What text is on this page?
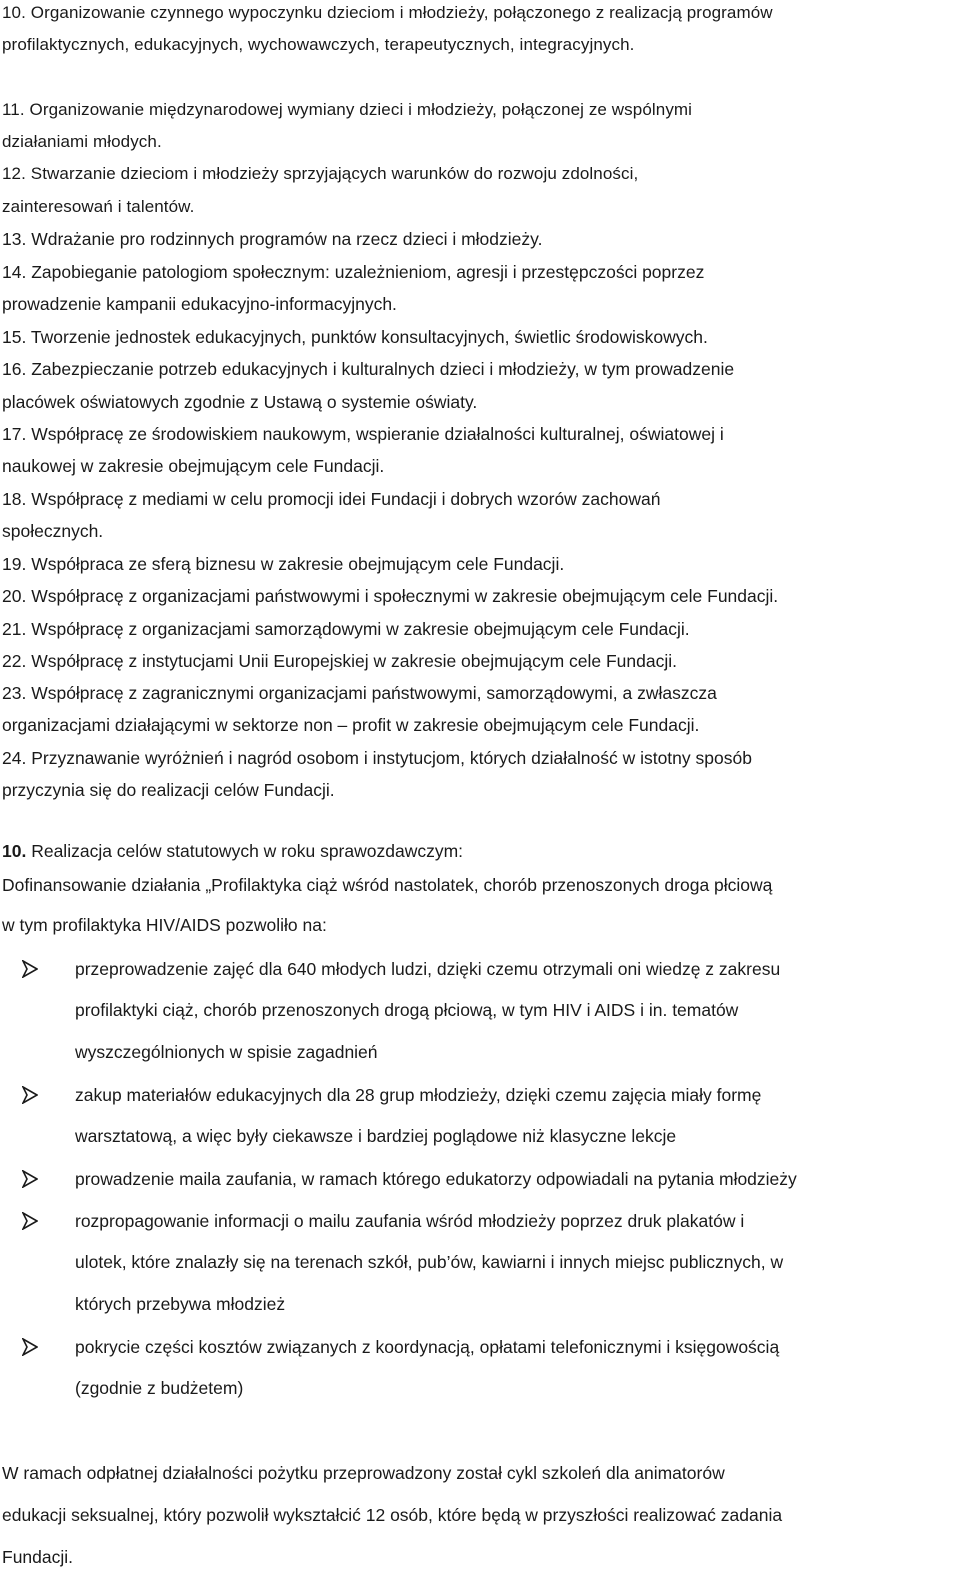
10. Organizowanie czynnego wypoczynku dzieciom i młodzieży, połączonego z realizacją programów
profilaktycznych, edukacyjnych, wychowawczych, terapeutycznych, integracyjnych.
11. Organizowanie międzynarodowej wymiany dzieci i młodzieży, połączonej ze wspólnymi
działaniami młodych.
12. Stwarzanie dzieciom i młodzieży sprzyjających warunków do rozwoju zdolności,
zainteresowań i talentów.
13. Wdrażanie pro rodzinnych programów na rzecz dzieci i młodzieży.
14. Zapobieganie patologiom społecznym: uzależnieniom, agresji i przestępczości poprzez
prowadzenie kampanii edukacyjno-informacyjnych.
15. Tworzenie jednostek edukacyjnych, punktów konsultacyjnych, świetlic środowiskowych.
16. Zabezpieczanie potrzeb edukacyjnych i kulturalnych dzieci i młodzieży, w tym prowadzenie
placówek oświatowych zgodnie z Ustawą o systemie oświaty.
17. Współpracę ze środowiskiem naukowym, wspieranie działalności kulturalnej, oświatowej i
naukowej w zakresie obejmującym cele Fundacji.
18. Współpracę z mediami w celu promocji idei Fundacji i dobrych wzorów zachowań
społecznych.
19. Współpraca ze sferą biznesu w zakresie obejmującym cele Fundacji.
20. Współpracę z organizacjami państwowymi i społecznymi w zakresie obejmującym cele Fundacji.
21. Współpracę z organizacjami samorządowymi w zakresie obejmującym cele Fundacji.
22. Współpracę z instytucjami Unii Europejskiej w zakresie obejmującym cele Fundacji.
23. Współpracę z zagranicznymi organizacjami państwowymi, samorządowymi, a zwłaszcza
organizacjami działającymi w sektorze non – profit w zakresie obejmującym cele Fundacji.
24. Przyznawanie wyróżnień i nagród osobom i instytucjom, których działalność w istotny sposób
przyczynia się do realizacji celów Fundacji.
10. Realizacja celów statutowych w roku sprawozdawczym:
Dofinansowanie działania „Profilaktyka ciąż wśród nastolatek, chorób przenoszonych droga płciową
w tym profilaktyka HIV/AIDS pozwoliło na:
przeprowadzenie zajęć dla 640 młodych ludzi, dzięki czemu otrzymali oni wiedzę z zakresu
profilaktyki ciąż, chorób przenoszonych drogą płciową, w tym HIV i AIDS i in. tematów
wyszczególnionych w spisie zagadnień
zakup materiałów edukacyjnych dla 28 grup młodzieży, dzięki czemu zajęcia miały formę
warsztatową, a więc były ciekawsze i bardziej poglądowe niż klasyczne lekcje
prowadzenie maila zaufania, w ramach którego edukatorzy odpowiadali na pytania młodzieży
rozpropagowanie informacji o mailu zaufania wśród młodzieży poprzez druk plakatów i
ulotek, które znalazły się na terenach szkół, pub’ów, kawiarni i innych miejsc publicznych, w
których przebywa młodzież
pokrycie części kosztów związanych z koordynacją, opłatami telefonicznymi i księgowością
(zgodnie z budżetem)
W ramach odpłatnej działalności pożytku przeprowadzony został cykl szkoleń dla animatorów
edukacji seksualnej, który pozwolił wykształcić 12 osób, które będą w przyszłości realizować zadania
Fundacji.
